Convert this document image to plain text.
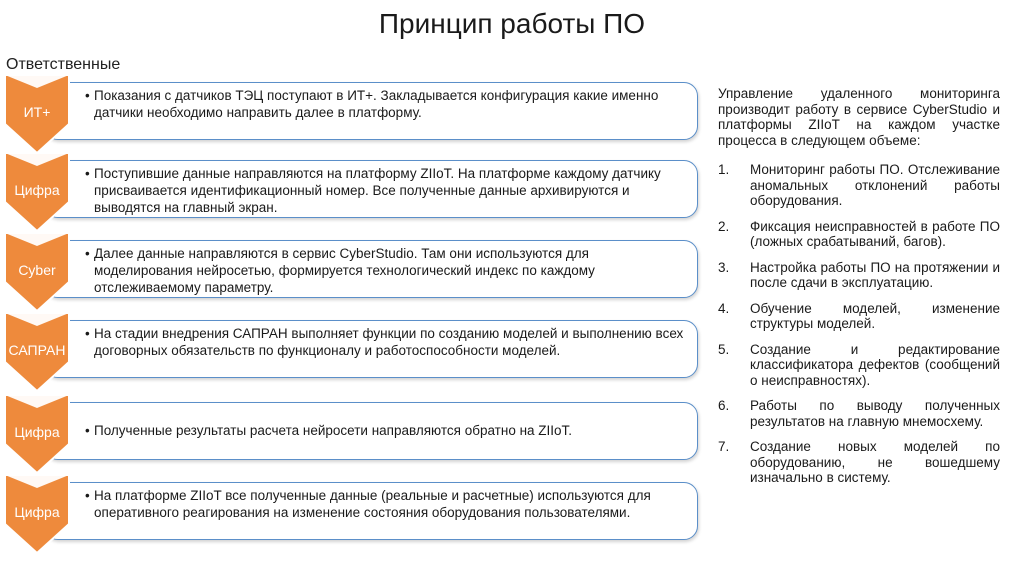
Принцип работы ПО
Ответственные
ИТ+
• Показания с датчиков ТЭЦ поступают в ИТ+. Закладывается конфигурация какие именно датчики необходимо направить далее в платформу.
Цифра
• Поступившие данные направляются на платформу ZIIoT. На платформе каждому датчику присваивается идентификационный номер. Все полученные данные архивируются и выводятся на главный экран.
Cyber
• Далее данные направляются в сервис CyberStudio. Там они используются для моделирования нейросетью, формируется технологический индекс по каждому отслеживаемому параметру.
САПРАН
• На стадии внедрения САПРАН выполняет функции по созданию моделей и выполнению всех договорных обязательств по функционалу и работоспособности моделей.
Цифра	• Полученные результаты расчета нейросети направляются обратно на ZIIoT.
Цифра
• На платформе ZIIoT все полученные данные (реальные и расчетные) используются для оперативного реагирования на изменение состояния оборудования пользователями.

Управление удаленного мониторинга производит работу в сервисе CyberStudio и платформы ZIIoT на каждом участке процесса в следующем объеме:

1. Мониторинг работы ПО. Отслеживание аномальных отклонений работы оборудования.
2. Фиксация неисправностей в работе ПО (ложных срабатываний, багов).
3. Настройка работы ПО на протяжении и после сдачи в эксплуатацию.
4. Обучение моделей, изменение структуры моделей.
5. Создание и редактирование классификатора дефектов (сообщений о неисправностях).
6. Работы по выводу полученных результатов на главную мнемосхему.
7. Создание новых моделей по оборудованию, не вошедшему изначально в систему.
